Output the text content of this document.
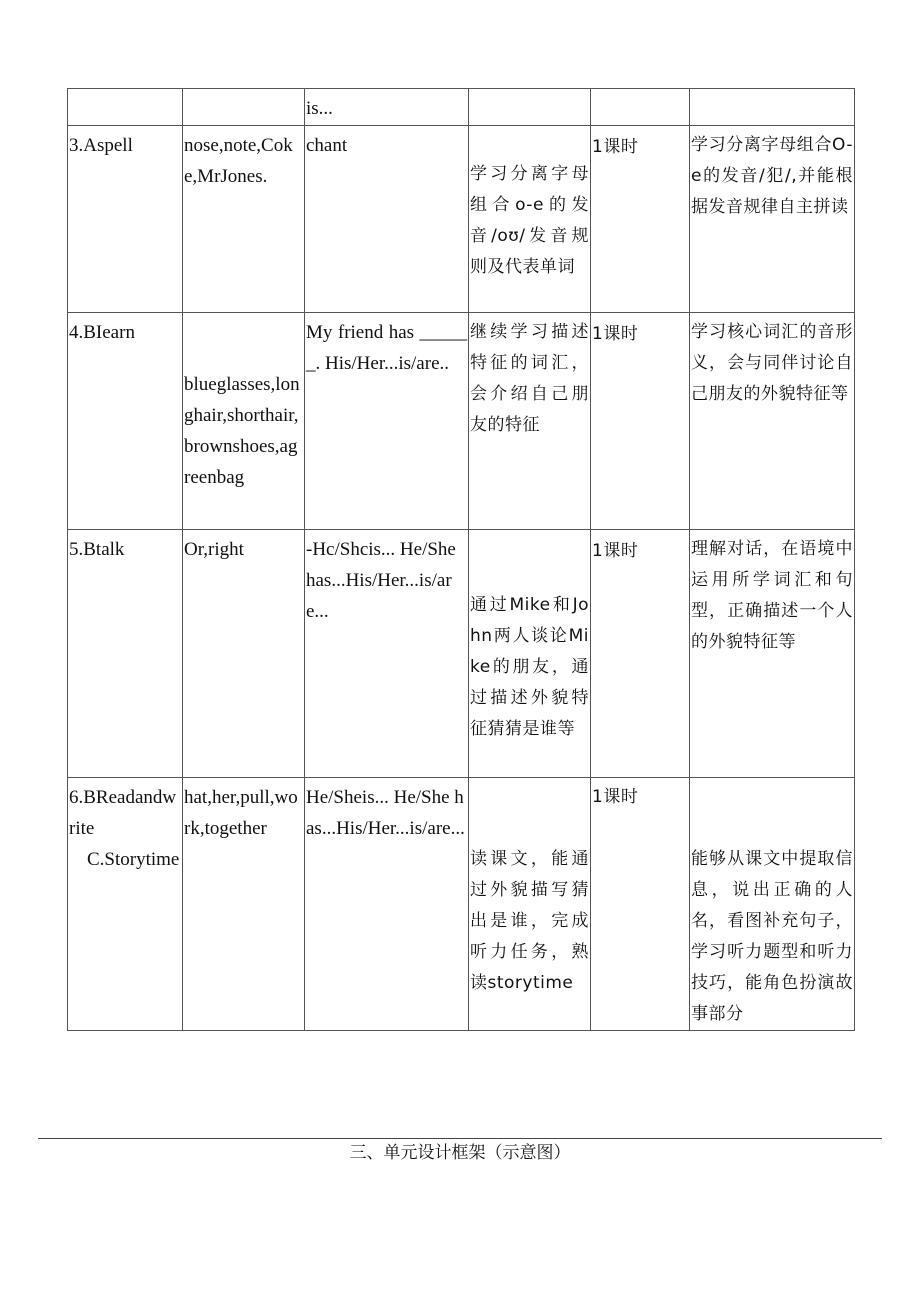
		is...			

3.Aspell	nose,note,Coke,MrJones.	chant	学习分离字母组合o-e的发音/oʊ/发音规则及代表单词	1课时	学习分离字母组合O-e的发音/犯/,并能根据发音规律自主拼读

4.BIearn	blueglasses,longhair,shorthair,brownshoes,agreenbag	My friend has ______. His/Her...is/are..	继续学习描述特征的词汇，会介绍自己朋友的特征	1课时	学习核心词汇的音形义，会与同伴讨论自己朋友的外貌特征等

5.Btalk	Or,right	-Hc/Shcis... He/She has...His/Her...is/are...	通过Mike和John两人谈论Mike的朋友，通过描述外貌特征猜猜是谁等	1课时	理解对话，在语境中运用所学词汇和句型，正确描述一个人的外貌特征等

6.BReadandwrite
C.Storytime	hat,her,pull,work,together	He/Sheis... He/She has...His/Her...is/are...	读课文，能通过外貌描写猜出是谁，完成听力任务，熟读storytime	1课时	能够从课文中提取信息，说出正确的人名，看图补充句子，学习听力题型和听力技巧，能角色扮演故事部分
三、单元设计框架（示意图）
